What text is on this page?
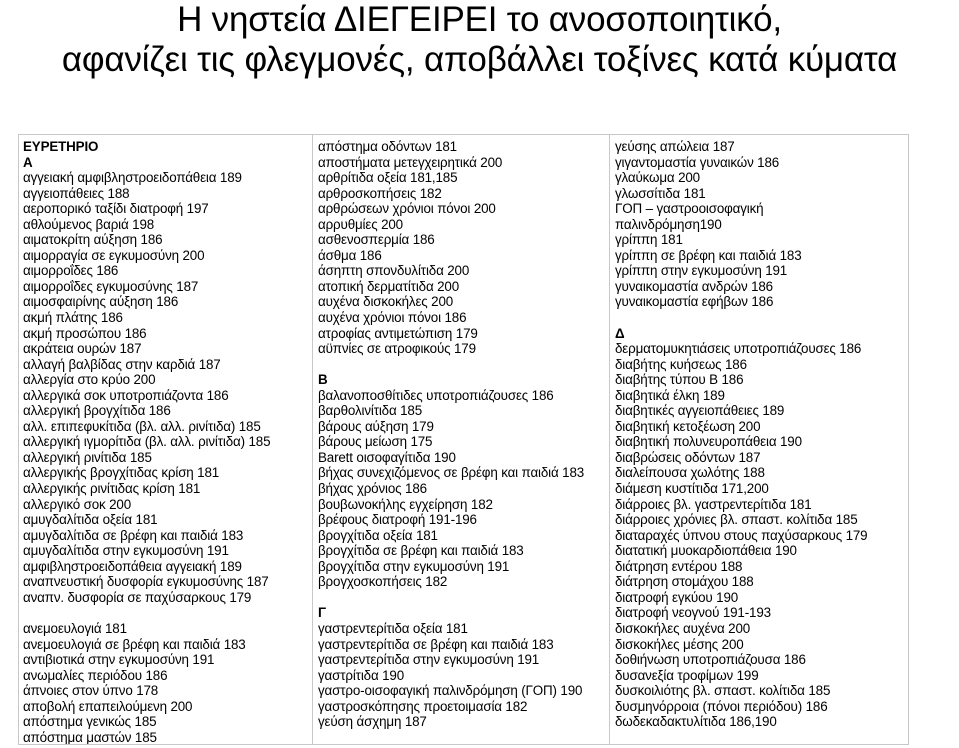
Η νηστεία ΔΙΕΓΕΙΡΕΙ το ανοσοποιητικό,
αφανίζει τις φλεγμονές, αποβάλλει τοξίνες κατά κύματα
ΕΥΡΕΤΗΡΙΟ
Α
αγγειακή αμφιβληστροειδοπάθεια 189
αγγειοπάθειες 188
αεροπορικό ταξίδι διατροφή 197
αθλούμενος βαριά 198
αιματοκρίτη αύξηση 186
αιμορραγία σε εγκυμοσύνη 200
αιμορροΐδες 186
αιμορροΐδες εγκυμοσύνης 187
αιμοσφαιρίνης αύξηση 186
ακμή πλάτης 186
ακμή προσώπου 186
ακράτεια ουρών 187
αλλαγή βαλβίδας στην καρδιά 187
αλλεργία στο κρύο 200
αλλεργικά σοκ υποτροπιάζοντα 186
αλλεργική βρογχίτιδα 186
αλλ. επιπεφυκίτιδα (βλ. αλλ. ρινίτιδα) 185
αλλεργική ιγμορίτιδα (βλ. αλλ. ρινίτιδα) 185
αλλεργική ρινίτιδα 185
αλλεργικής βρογχίτιδας κρίση 181
αλλεργικής ρινίτιδας κρίση 181
αλλεργικό σοκ 200
αμυγδαλίτιδα οξεία 181
αμυγδαλίτιδα σε βρέφη και παιδιά 183
αμυγδαλίτιδα στην εγκυμοσύνη 191
αμφιβληστροειδοπάθεια αγγειακή 189
αναπνευστική δυσφορία εγκυμοσύνης 187
αναπν. δυσφορία σε παχύσαρκους 179
ανεμοευλογιά 181
ανεμοευλογιά σε βρέφη και παιδιά 183
αντιβιοτικά στην εγκυμοσύνη 191
ανωμαλίες περιόδου 186
άπνοιες στον ύπνο 178
αποβολή επαπειλούμενη 200
απόστημα γενικώς 185
απόστημα μαστών 185
απόστημα οδόντων 181
αποστήματα μετεγχειρητικά 200
αρθρίτιδα οξεία 181,185
αρθροσκοπήσεις 182
αρθρώσεων χρόνιοι πόνοι 200
αρρυθμίες 200
ασθενοσπερμία 186
άσθμα 186
άσηπτη σπονδυλίτιδα 200
ατοπική δερματίτιδα 200
αυχένα δισκοκήλες 200
αυχένα χρόνιοι πόνοι 186
ατροφίας αντιμετώπιση 179
αϋπνίες σε ατροφικούς 179
Β
βαλανοποσθίτιδες υποτροπιάζουσες 186
βαρθολινίτιδα 185
βάρους αύξηση 179
βάρους μείωση 175
Barett οισοφαγίτιδα 190
βήχας συνεχιζόμενος σε βρέφη και παιδιά 183
βήχας χρόνιος 186
βουβωνοκήλης εγχείρηση 182
βρέφους διατροφή 191-196
βρογχίτιδα οξεία 181
βρογχίτιδα σε βρέφη και παιδιά 183
βρογχίτιδα στην εγκυμοσύνη 191
βρογχοσκοπήσεις 182
Γ
γαστρεντερίτιδα οξεία 181
γαστρεντερίτιδα σε βρέφη και παιδιά 183
γαστρεντερίτιδα στην εγκυμοσύνη 191
γαστρίτιδα 190
γαστρο-οισοφαγική παλινδρόμηση (ΓΟΠ) 190
γαστροσκόπησης προετοιμασία 182
γεύση άσχημη 187
γεύσης απώλεια 187
γιγαντομαστία γυναικών 186
γλαύκωμα 200
γλωσσίτιδα 181
ΓΟΠ – γαστροοισοφαγική
παλινδρόμηση190
γρίππη 181
γρίππη σε βρέφη και παιδιά 183
γρίππη στην εγκυμοσύνη 191
γυναικομαστία ανδρών 186
γυναικομαστία εφήβων 186
Δ
δερματομυκητιάσεις υποτροπιάζουσες 186
διαβήτης κυήσεως 186
διαβήτης τύπου Β 186
διαβητικά έλκη 189
διαβητικές αγγειοπάθειες 189
διαβητική κετοξέωση 200
διαβητική πολυνευροπάθεια 190
διαβρώσεις οδόντων 187
διαλείπουσα χωλότης 188
διάμεση κυστίτιδα 171,200
διάρροιες βλ. γαστρεντερίτιδα 181
διάρροιες χρόνιες βλ. σπαστ. κολίτιδα 185
διαταραχές ύπνου στους παχύσαρκους 179
διατατική μυοκαρδιοπάθεια 190
διάτρηση εντέρου 188
διάτρηση στομάχου 188
διατροφή εγκύου 190
διατροφή νεογνού 191-193
δισκοκήλες αυχένα 200
δισκοκήλες μέσης 200
δοθιήνωση υποτροπιάζουσα 186
δυσανεξία τροφίμων 199
δυσκοιλιότης βλ. σπαστ. κολίτιδα 185
δυσμηνόρροια (πόνοι περιόδου) 186
δωδεκαδακτυλίτιδα 186,190
